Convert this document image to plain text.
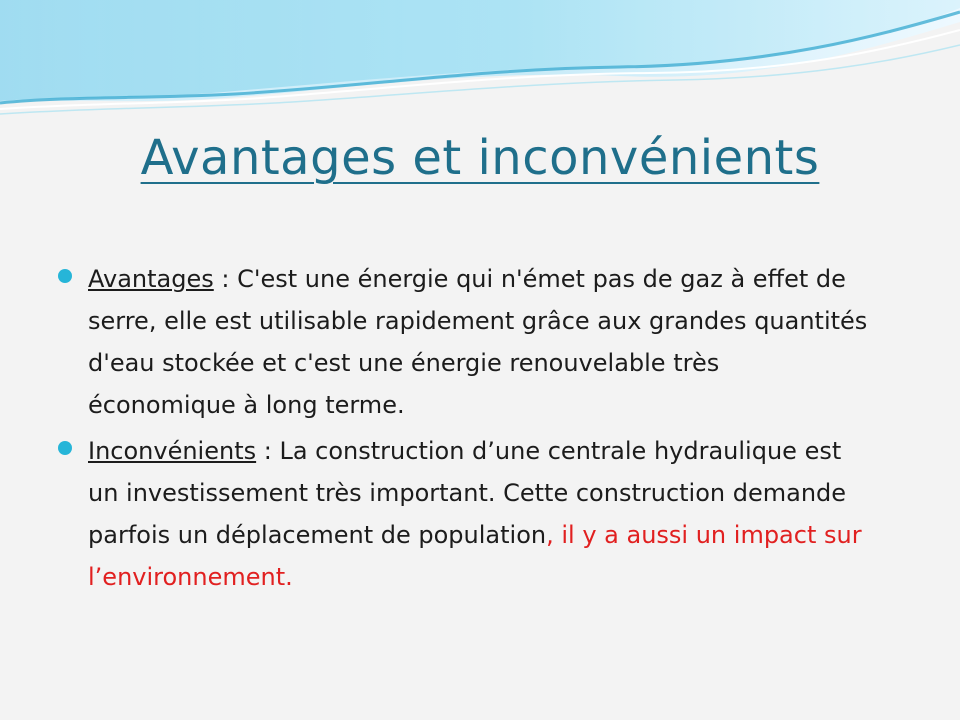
Avantages et inconvénients
Avantages : C'est une énergie qui n'émet pas de gaz à effet de serre, elle est utilisable rapidement grâce aux grandes quantités d'eau stockée et c'est une énergie renouvelable très économique à long terme.
Inconvénients : La construction d’une centrale hydraulique est un investissement très important. Cette construction demande parfois un déplacement de population, il y a aussi un impact sur l’environnement.
